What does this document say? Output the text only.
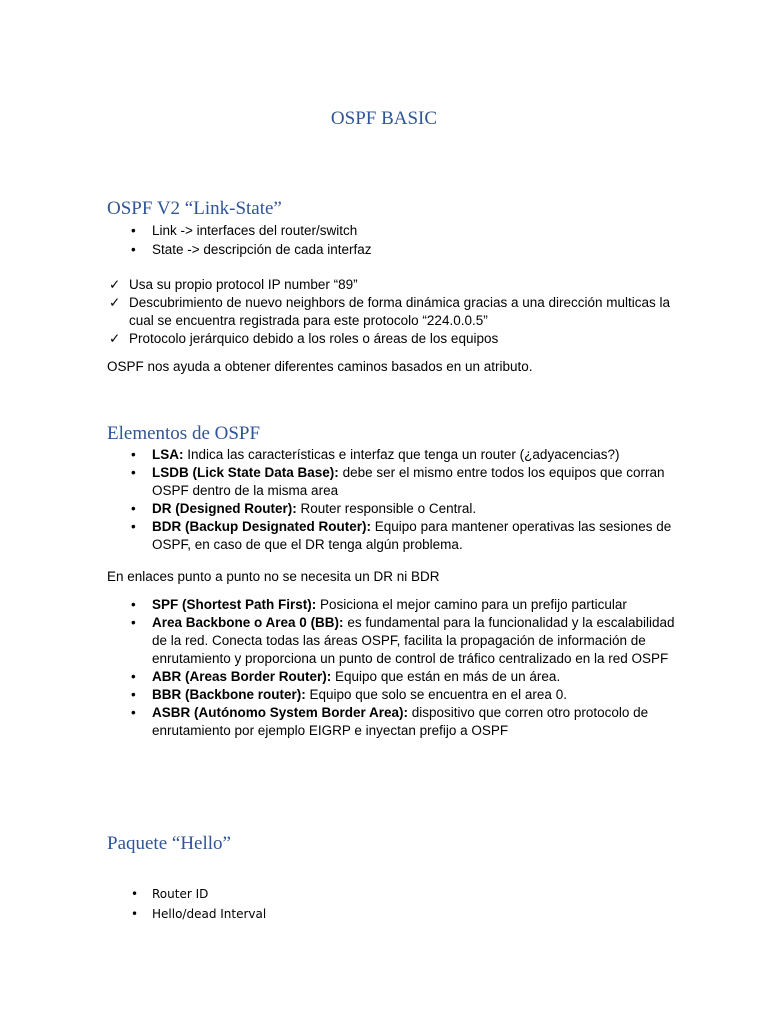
OSPF BASIC
OSPF V2 “Link-State”
•	Link -> interfaces del router/switch
•	State -> descripción de cada interfaz
✓ Usa su propio protocol IP number “89”
✓ Descubrimiento de nuevo neighbors de forma dinámica gracias a una dirección multicas la cual se encuentra registrada para este protocolo “224.0.0.5”
✓ Protocolo jerárquico debido a los roles o áreas de los equipos

OSPF nos ayuda a obtener diferentes caminos basados en un atributo.

Elementos de OSPF
•	LSA: Indica las características e interfaz que tenga un router (¿adyacencias?)
•	LSDB (Lick State Data Base): debe ser el mismo entre todos los equipos que corran OSPF dentro de la misma area
•	DR (Designed Router): Router responsible o Central.
•	BDR (Backup Designated Router): Equipo para mantener operativas las sesiones de OSPF, en caso de que el DR tenga algún problema.

En enlaces punto a punto no se necesita un DR ni BDR

•	SPF (Shortest Path First): Posiciona el mejor camino para un prefijo particular
•	Area Backbone o Area 0 (BB): es fundamental para la funcionalidad y la escalabilidad de la red. Conecta todas las áreas OSPF, facilita la propagación de información de enrutamiento y proporciona un punto de control de tráfico centralizado en la red OSPF
•	ABR (Areas Border Router): Equipo que están en más de un área.
•	BBR (Backbone router): Equipo que solo se encuentra en el area 0.
•	ASBR (Autónomo System Border Area): dispositivo que corren otro protocolo de enrutamiento por ejemplo EIGRP e inyectan prefijo a OSPF
Paquete “Hello”
• Router ID
• Hello/dead Interval
